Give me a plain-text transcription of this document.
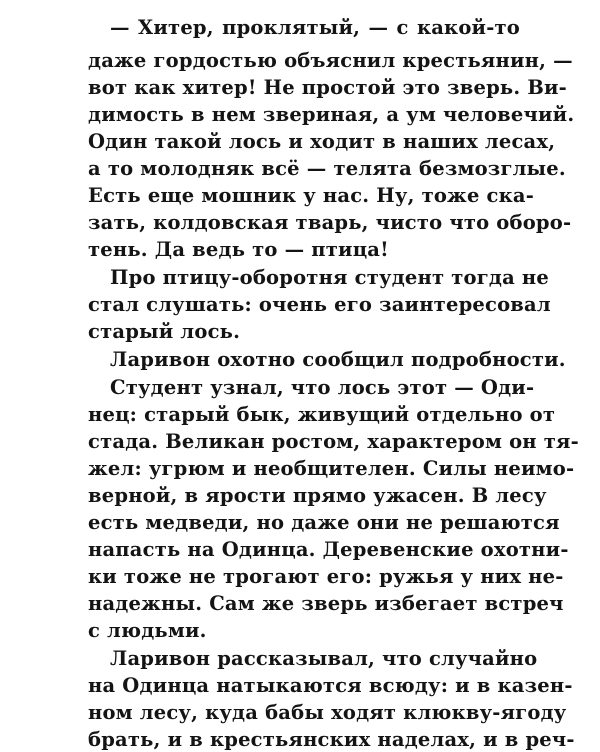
— Хитер, проклятый, — с какой-то
даже гордостью объяснил крестьянин, —
вот как хитер! Не простой это зверь. Ви-
димость в нем звериная, а ум человечий.
Один такой лось и ходит в наших лесах,
а то молодняк всё — телята безмозглые.
Есть еще мошник у нас. Ну, тоже ска-
зать, колдовская тварь, чисто что оборо-
тень. Да ведь то — птица!
Про птицу-оборотня студент тогда не
стал слушать: очень его заинтересовал
старый лось.
Ларивон охотно сообщил подробности.
Студент узнал, что лось этот — Оди-
нец: старый бык, живущий отдельно от
стада. Великан ростом, характером он тя-
жел: угрюм и необщителен. Силы неимо-
верной, в ярости прямо ужасен. В лесу
есть медведи, но даже они не решаются
напасть на Одинца. Деревенские охотни-
ки тоже не трогают его: ружья у них не-
надежны. Сам же зверь избегает встреч
с людьми.
Ларивон рассказывал, что случайно
на Одинца натыкаются всюду: и в казен-
ном лесу, куда бабы ходят клюкву-ягоду
брать, и в крестьянских наделах, и в реч-
